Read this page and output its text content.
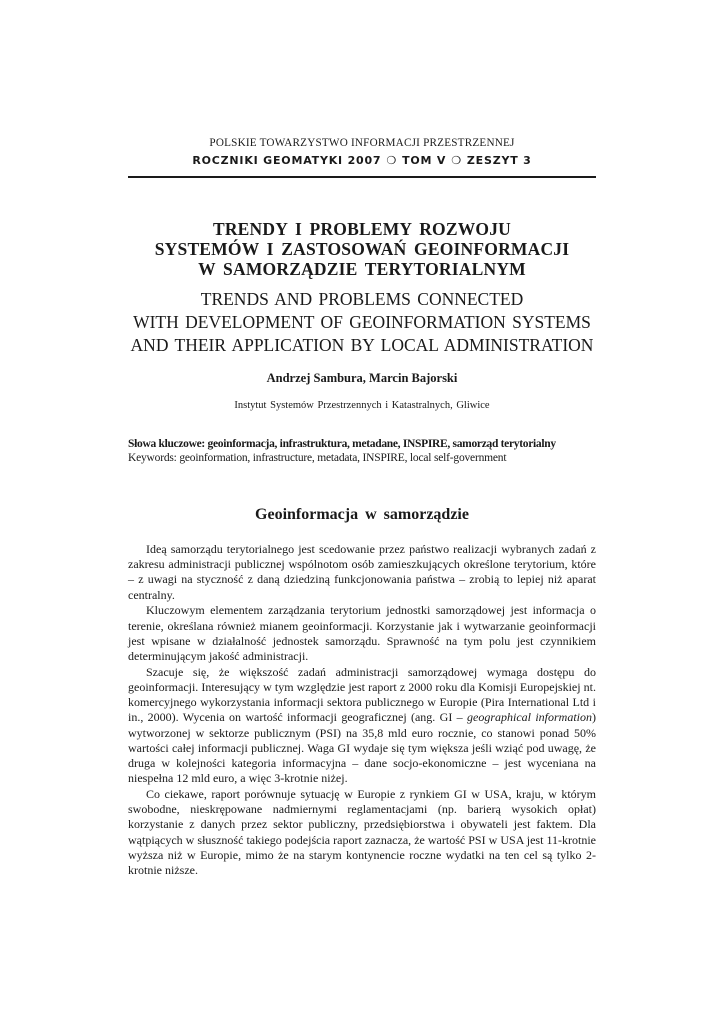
POLSKIE TOWARZYSTWO INFORMACJI PRZESTRZENNEJ
ROCZNIKI GEOMATYKI 2007 ❍ TOM V ❍ ZESZYT 3
TRENDY I PROBLEMY ROZWOJU
SYSTEMÓW I ZASTOSOWAŃ GEOINFORMACJI
W SAMORZĄDZIE TERYTORIALNYM
TRENDS AND PROBLEMS CONNECTED
WITH DEVELOPMENT OF GEOINFORMATION SYSTEMS
AND THEIR APPLICATION BY LOCAL ADMINISTRATION
Andrzej Sambura, Marcin Bajorski
Instytut Systemów Przestrzennych i Katastralnych, Gliwice
Słowa kluczowe: geoinformacja, infrastruktura, metadane, INSPIRE, samorząd terytorialny
Keywords: geoinformation, infrastructure, metadata, INSPIRE, local self-government
Geoinformacja w samorządzie

Ideą samorządu terytorialnego jest scedowanie przez państwo realizacji wybranych zadań z zakresu administracji publicznej wspólnotom osób zamieszkujących określone terytorium, które – z uwagi na styczność z daną dziedziną funkcjonowania państwa – zrobią to lepiej niż aparat centralny.

Kluczowym elementem zarządzania terytorium jednostki samorządowej jest informacja o terenie, określana również mianem geoinformacji. Korzystanie jak i wytwarzanie geoinformacji jest wpisane w działalność jednostek samorządu. Sprawność na tym polu jest czynnikiem determinującym jakość administracji.

Szacuje się, że większość zadań administracji samorządowej wymaga dostępu do geoinformacji. Interesujący w tym względzie jest raport z 2000 roku dla Komisji Europejskiej nt. komercyjnego wykorzystania informacji sektora publicznego w Europie (Pira International Ltd i in., 2000). Wycenia on wartość informacji geograficznej (ang. GI – geographical information) wytworzonej w sektorze publicznym (PSI) na 35,8 mld euro rocznie, co stanowi ponad 50% wartości całej informacji publicznej. Waga GI wydaje się tym większa jeśli wziąć pod uwagę, że druga w kolejności kategoria informacyjna – dane socjo-ekonomiczne – jest wyceniana na niespełna 12 mld euro, a więc 3-krotnie niżej.

Co ciekawe, raport porównuje sytuację w Europie z rynkiem GI w USA, kraju, w którym swobodne, nieskrępowane nadmiernymi reglamentacjami (np. barierą wysokich opłat) korzystanie z danych przez sektor publiczny, przedsiębiorstwa i obywateli jest faktem. Dla wątpiących w słuszność takiego podejścia raport zaznacza, że wartość PSI w USA jest 11-krotnie wyższa niż w Europie, mimo że na starym kontynencie roczne wydatki na ten cel są tylko 2-krotnie niższe.
